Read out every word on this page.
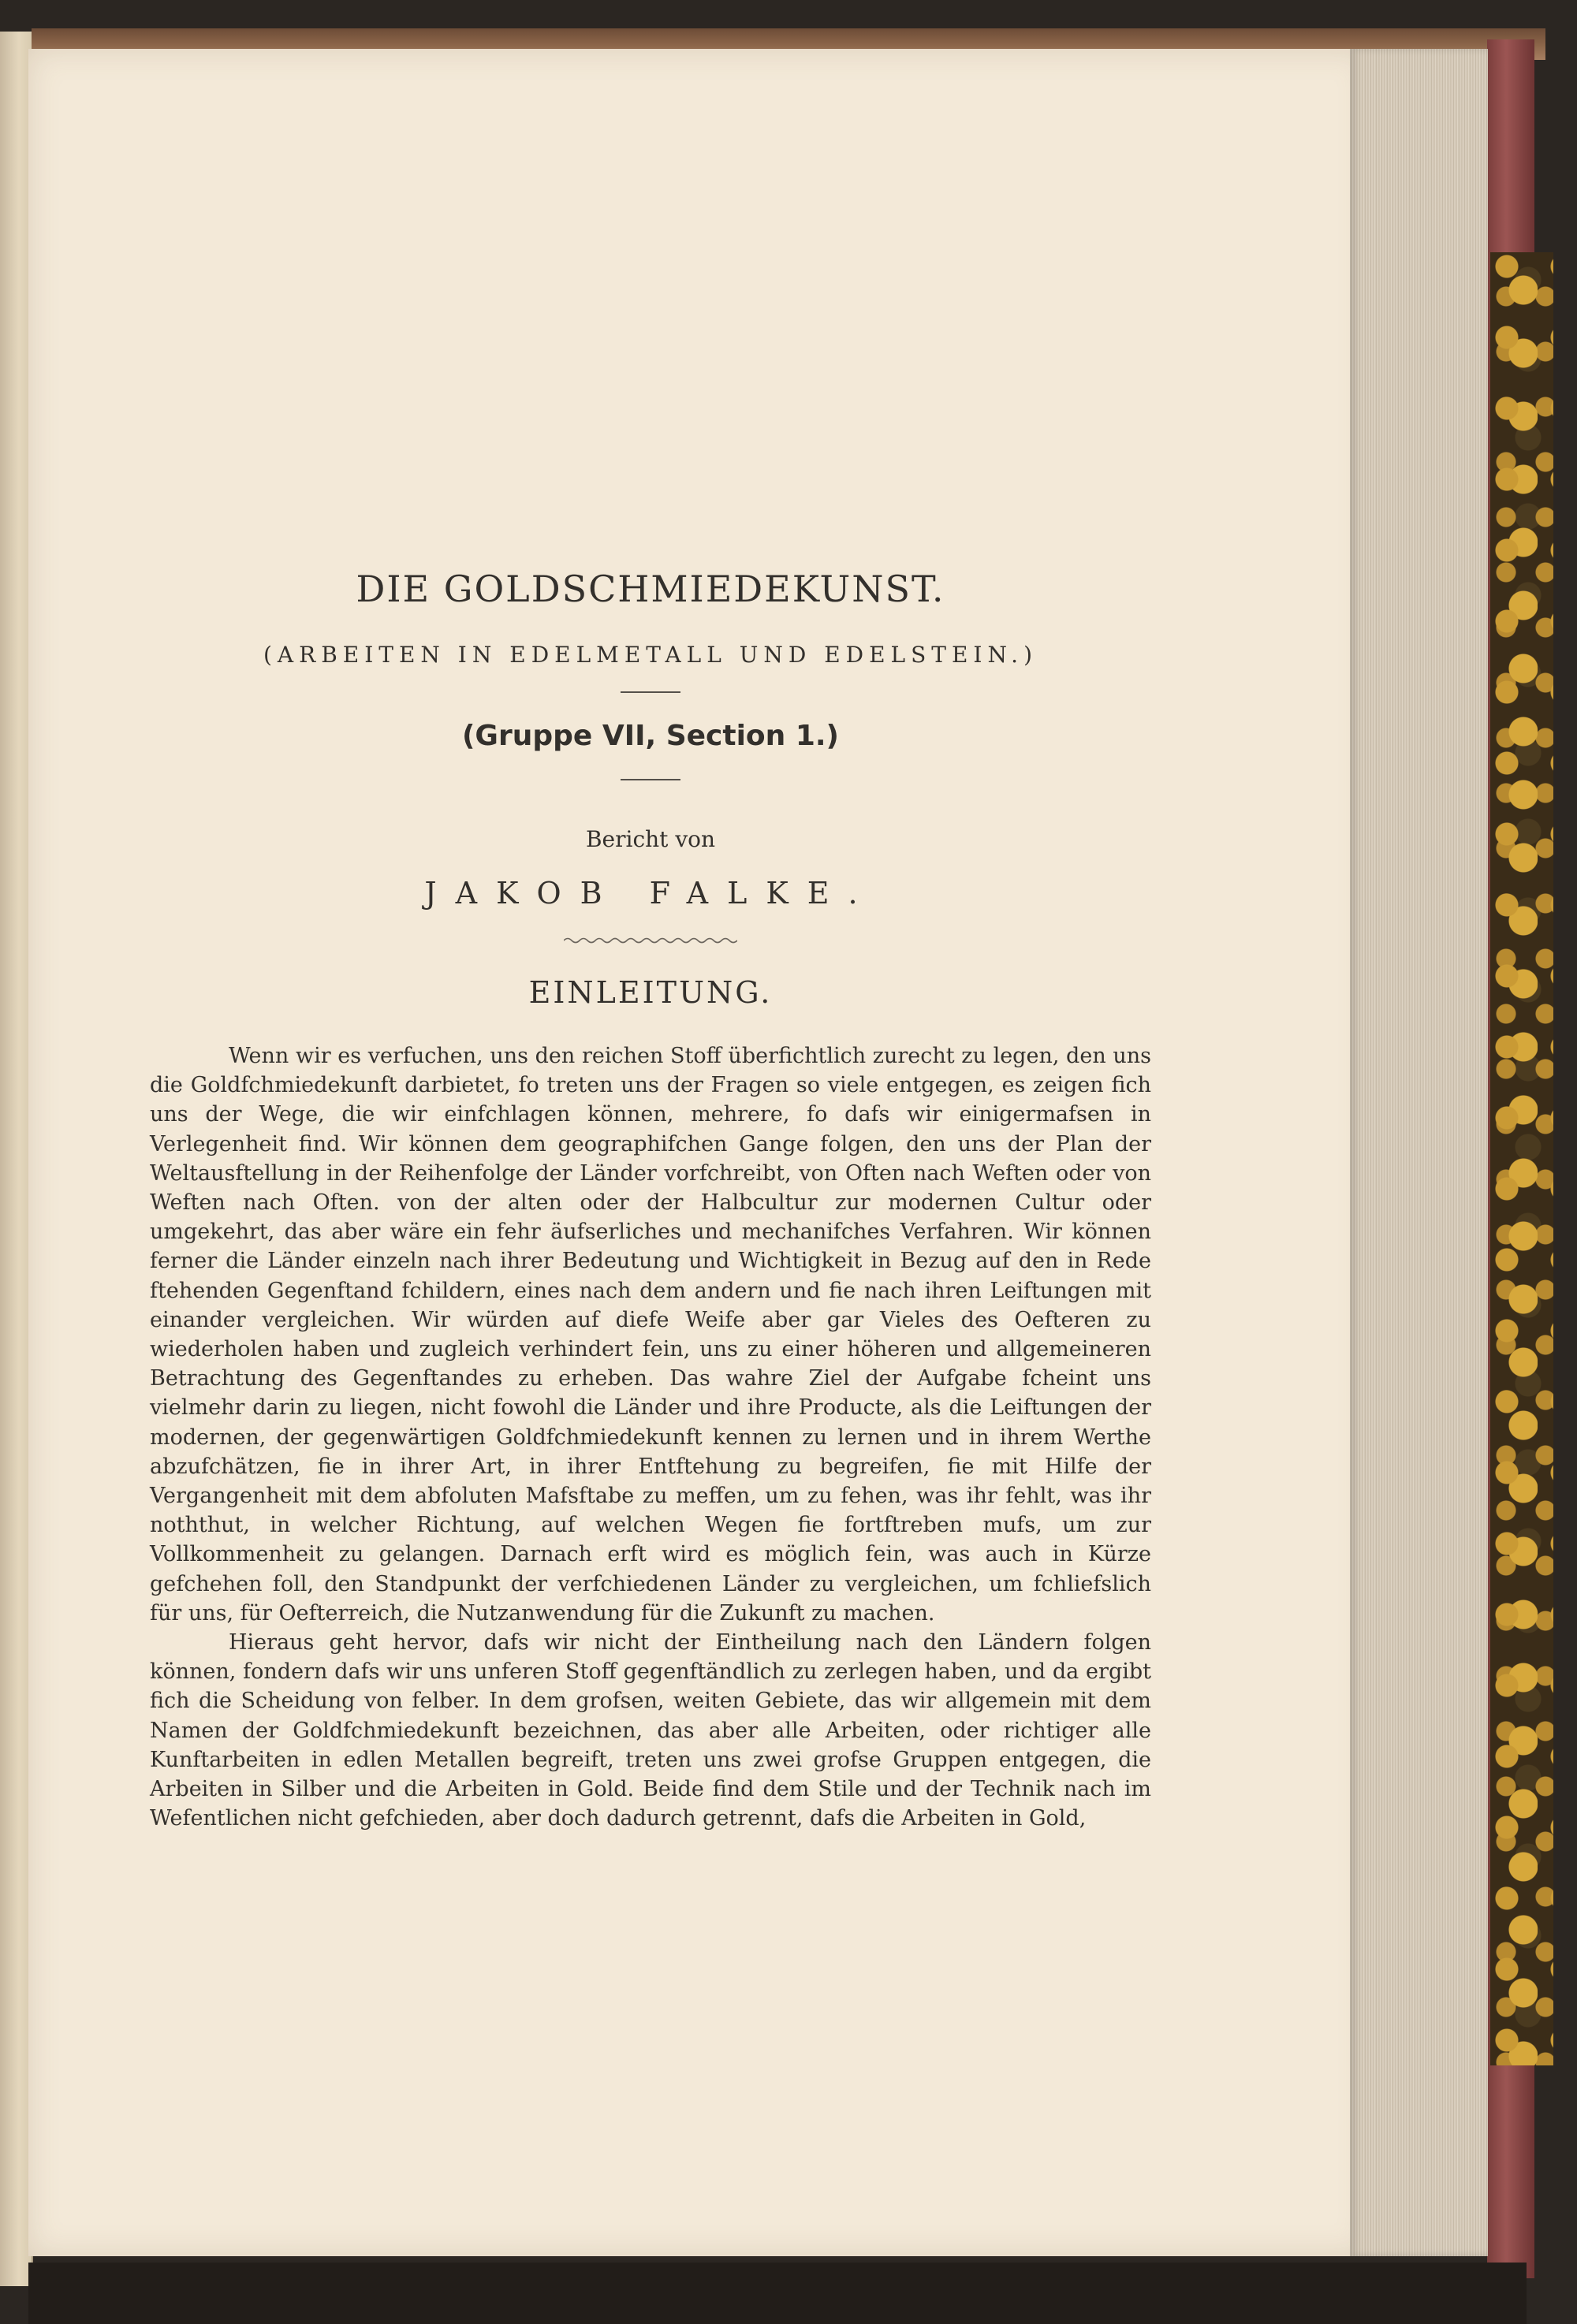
DIE GOLDSCHMIEDEKUNST.
(ARBEITEN IN EDELMETALL UND EDELSTEIN.)
(Gruppe VII, Section 1.)
Bericht von
JAKOB FALKE.
EINLEITUNG.

Wenn wir es verfuchen, uns den reichen Stoff überfichtlich zurecht zu legen, den uns die Goldfchmiedekunft darbietet, fo treten uns der Fragen so viele entgegen, es zeigen fich uns der Wege, die wir einfchlagen können, mehrere, fo dafs wir einigermafsen in Verlegenheit find. Wir können dem geographifchen Gange folgen, den uns der Plan der Weltausftellung in der Reihenfolge der Länder vorfchreibt, von Often nach Weften oder von Weften nach Often. von der alten oder der Halbcultur zur modernen Cultur oder umgekehrt, das aber wäre ein fehr äufserliches und mechanifches Verfahren. Wir können ferner die Länder einzeln nach ihrer Bedeutung und Wichtigkeit in Bezug auf den in Rede ftehenden Gegenftand fchildern, eines nach dem andern und fie nach ihren Leiftungen mit einander vergleichen. Wir würden auf diefe Weife aber gar Vieles des Oefteren zu wiederholen haben und zugleich verhindert fein, uns zu einer höheren und allgemeineren Betrachtung des Gegenftandes zu erheben. Das wahre Ziel der Aufgabe fcheint uns vielmehr darin zu liegen, nicht fowohl die Länder und ihre Producte, als die Leiftungen der modernen, der gegenwärtigen Goldfchmiedekunft kennen zu lernen und in ihrem Werthe abzufchätzen, fie in ihrer Art, in ihrer Entftehung zu begreifen, fie mit Hilfe der Vergangenheit mit dem abfoluten Mafsftabe zu meffen, um zu fehen, was ihr fehlt, was ihr noththut, in welcher Richtung, auf welchen Wegen fie fortftreben mufs, um zur Vollkommenheit zu gelangen. Darnach erft wird es möglich fein, was auch in Kürze gefchehen foll, den Standpunkt der verfchiedenen Länder zu vergleichen, um fchliefslich für uns, für Oefterreich, die Nutzanwendung für die Zukunft zu machen.

Hieraus geht hervor, dafs wir nicht der Eintheilung nach den Ländern folgen können, fondern dafs wir uns unferen Stoff gegenftändlich zu zerlegen haben, und da ergibt fich die Scheidung von felber. In dem grofsen, weiten Gebiete, das wir allgemein mit dem Namen der Goldfchmiedekunft bezeichnen, das aber alle Arbeiten, oder richtiger alle Kunftarbeiten in edlen Metallen begreift, treten uns zwei grofse Gruppen entgegen, die Arbeiten in Silber und die Arbeiten in Gold. Beide find dem Stile und der Technik nach im Wefentlichen nicht gefchieden, aber doch dadurch getrennt, dafs die Arbeiten in Gold,
